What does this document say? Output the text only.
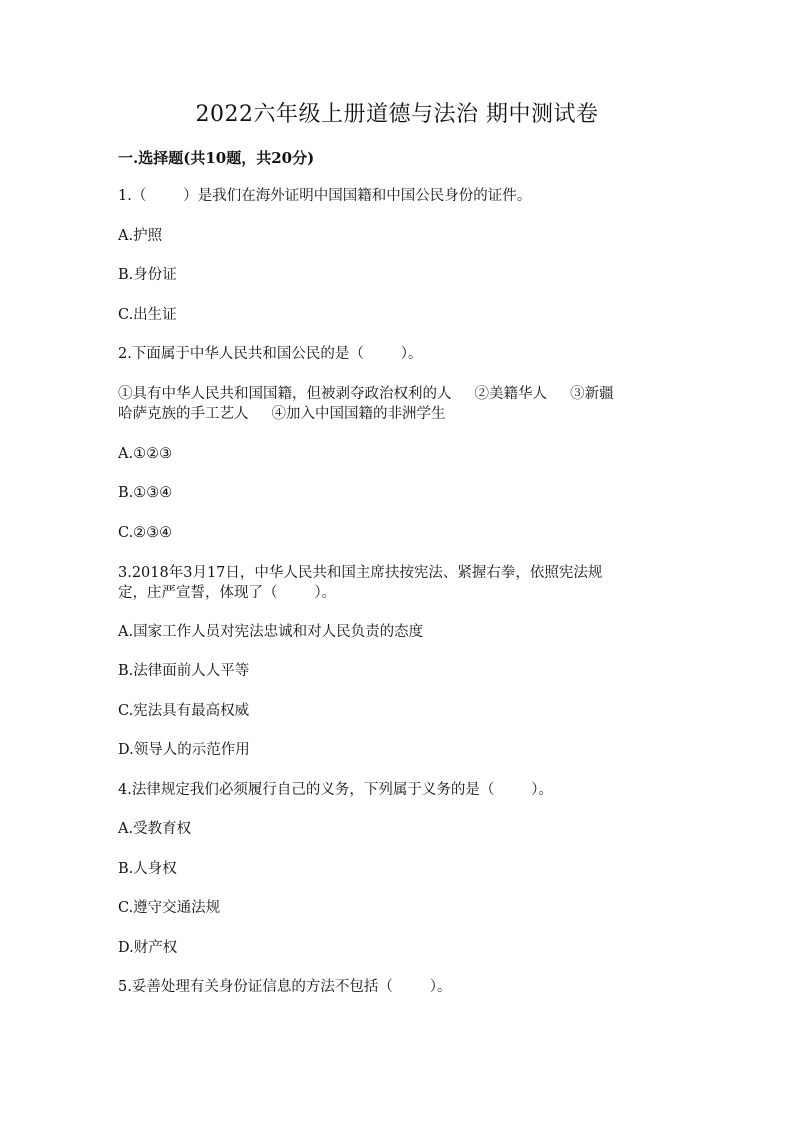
2022六年级上册道德与法治 期中测试卷
一.选择题(共10题，共20分)
1.（        ）是我们在海外证明中国国籍和中国公民身份的证件。
A.护照
B.身份证
C.出生证
2.下面属于中华人民共和国公民的是（        ）。
①具有中华人民共和国国籍，但被剥夺政治权利的人     ②美籍华人     ③新疆
哈萨克族的手工艺人     ④加入中国国籍的非洲学生
A.①②③
B.①③④
C.②③④
3.2018年3月17日，中华人民共和国主席扶按宪法、紧握右拳，依照宪法规
定，庄严宣誓，体现了（        ）。
A.国家工作人员对宪法忠诚和对人民负责的态度
B.法律面前人人平等
C.宪法具有最高权威
D.领导人的示范作用
4.法律规定我们必须履行自己的义务，下列属于义务的是（        ）。
A.受教育权
B.人身权
C.遵守交通法规
D.财产权
5.妥善处理有关身份证信息的方法不包括（        ）。
